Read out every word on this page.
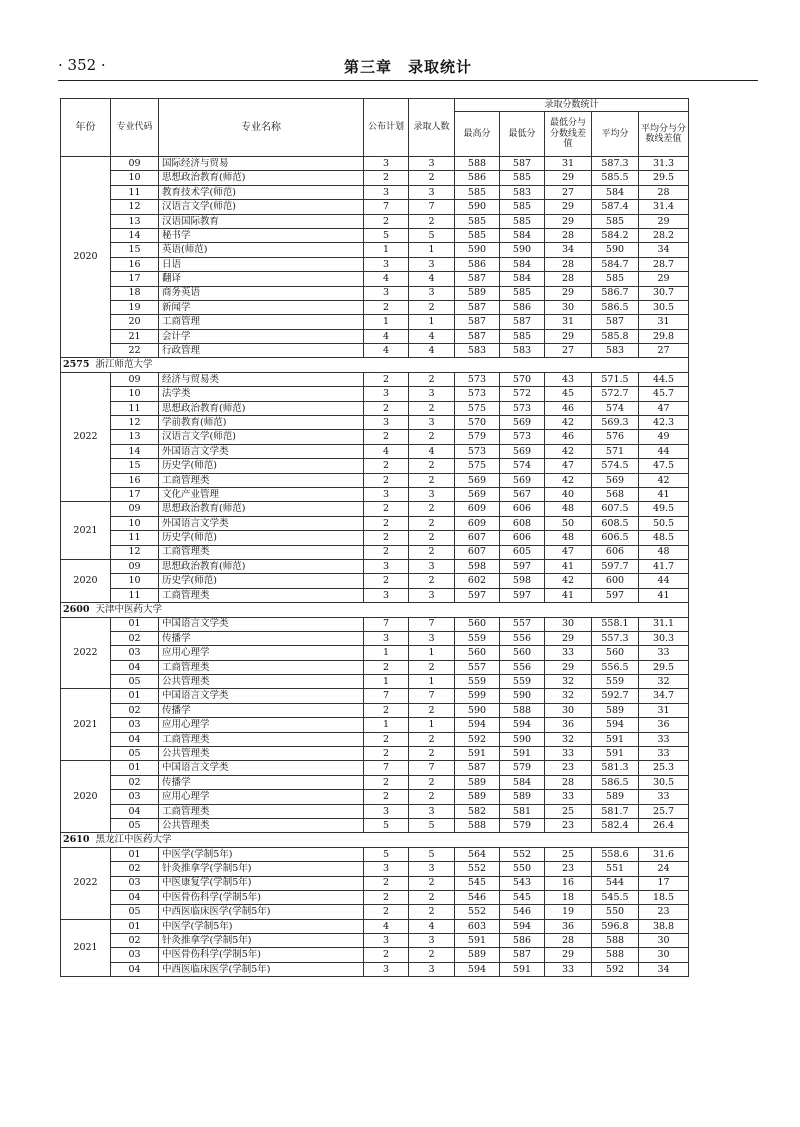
· 352 ·	第三章　录取统计
年份	专业代码	专业名称	公布计划	录取人数	录取分数统计				
					最高分	最低分	最低分与分数线差值	平均分	平均分与分数线差值
2020	09	国际经济与贸易	3	3	588	587	31	587.3	31.3
	10	思想政治教育(师范)	2	2	586	585	29	585.5	29.5
	11	教育技术学(师范)	3	3	585	583	27	584	28
	12	汉语言文学(师范)	7	7	590	585	29	587.4	31.4
	13	汉语国际教育	2	2	585	585	29	585	29
	14	秘书学	5	5	585	584	28	584.2	28.2
	15	英语(师范)	1	1	590	590	34	590	34
	16	日语	3	3	586	584	28	584.7	28.7
	17	翻译	4	4	587	584	28	585	29
	18	商务英语	3	3	589	585	29	586.7	30.7
	19	新闻学	2	2	587	586	30	586.5	30.5
	20	工商管理	1	1	587	587	31	587	31
	21	会计学	4	4	587	585	29	585.8	29.8
	22	行政管理	4	4	583	583	27	583	27
2575 浙江师范大学									
2022	09	经济与贸易类	2	2	573	570	43	571.5	44.5
	10	法学类	3	3	573	572	45	572.7	45.7
	11	思想政治教育(师范)	2	2	575	573	46	574	47
	12	学前教育(师范)	3	3	570	569	42	569.3	42.3
	13	汉语言文学(师范)	2	2	579	573	46	576	49
	14	外国语言文学类	4	4	573	569	42	571	44
	15	历史学(师范)	2	2	575	574	47	574.5	47.5
	16	工商管理类	2	2	569	569	42	569	42
	17	文化产业管理	3	3	569	567	40	568	41
2021	09	思想政治教育(师范)	2	2	609	606	48	607.5	49.5
	10	外国语言文学类	2	2	609	608	50	608.5	50.5
	11	历史学(师范)	2	2	607	606	48	606.5	48.5
	12	工商管理类	2	2	607	605	47	606	48
2020	09	思想政治教育(师范)	3	3	598	597	41	597.7	41.7
	10	历史学(师范)	2	2	602	598	42	600	44
	11	工商管理类	3	3	597	597	41	597	41
2600 天津中医药大学									
2022	01	中国语言文学类	7	7	560	557	30	558.1	31.1
	02	传播学	3	3	559	556	29	557.3	30.3
	03	应用心理学	1	1	560	560	33	560	33
	04	工商管理类	2	2	557	556	29	556.5	29.5
	05	公共管理类	1	1	559	559	32	559	32
2021	01	中国语言文学类	7	7	599	590	32	592.7	34.7
	02	传播学	2	2	590	588	30	589	31
	03	应用心理学	1	1	594	594	36	594	36
	04	工商管理类	2	2	592	590	32	591	33
	05	公共管理类	2	2	591	591	33	591	33
2020	01	中国语言文学类	7	7	587	579	23	581.3	25.3
	02	传播学	2	2	589	584	28	586.5	30.5
	03	应用心理学	2	2	589	589	33	589	33
	04	工商管理类	3	3	582	581	25	581.7	25.7
	05	公共管理类	5	5	588	579	23	582.4	26.4
2610 黑龙江中医药大学									
2022	01	中医学(学制5年)	5	5	564	552	25	558.6	31.6
	02	针灸推拿学(学制5年)	3	3	552	550	23	551	24
	03	中医康复学(学制5年)	2	2	545	543	16	544	17
	04	中医骨伤科学(学制5年)	2	2	546	545	18	545.5	18.5
	05	中西医临床医学(学制5年)	2	2	552	546	19	550	23
2021	01	中医学(学制5年)	4	4	603	594	36	596.8	38.8
	02	针灸推拿学(学制5年)	3	3	591	586	28	588	30
	03	中医骨伤科学(学制5年)	2	2	589	587	29	588	30
	04	中西医临床医学(学制5年)	3	3	594	591	33	592	34
